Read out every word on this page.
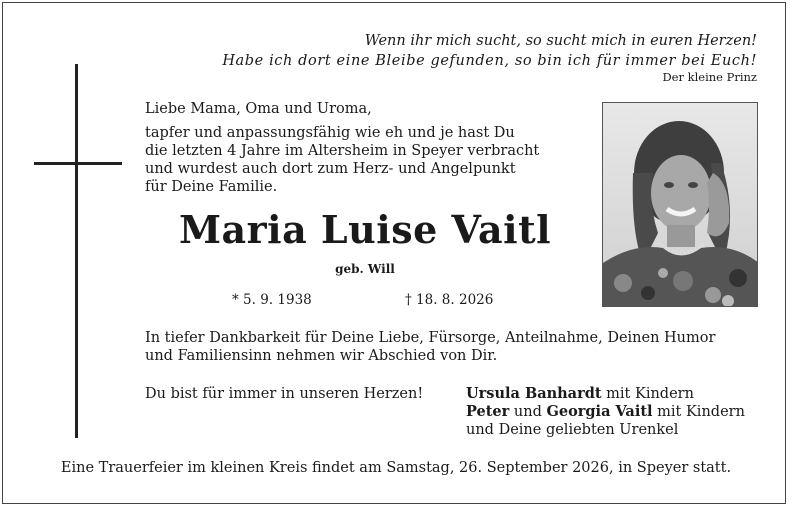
Wenn ihr mich sucht, so sucht mich in euren Herzen!
Habe ich dort eine Bleibe gefunden, so bin ich für immer bei Euch!
Der kleine Prinz
Liebe Mama, Oma und Uroma,
tapfer und anpassungsfähig wie eh und je hast Du
die letzten 4 Jahre im Altersheim in Speyer verbracht
und wurdest auch dort zum Herz- und Angelpunkt
für Deine Familie.
Maria Luise Vaitl
geb. Will
* 5. 9. 1938	† 18. 8. 2026
In tiefer Dankbarkeit für Deine Liebe, Fürsorge, Anteilnahme, Deinen Humor
und Familiensinn nehmen wir Abschied von Dir.
Du bist für immer in unseren Herzen!	Ursula Banhardt mit Kindern
Peter und Georgia Vaitl mit Kindern
und Deine geliebten Urenkel
Eine Trauerfeier im kleinen Kreis findet am Samstag, 26. September 2026, in Speyer statt.
